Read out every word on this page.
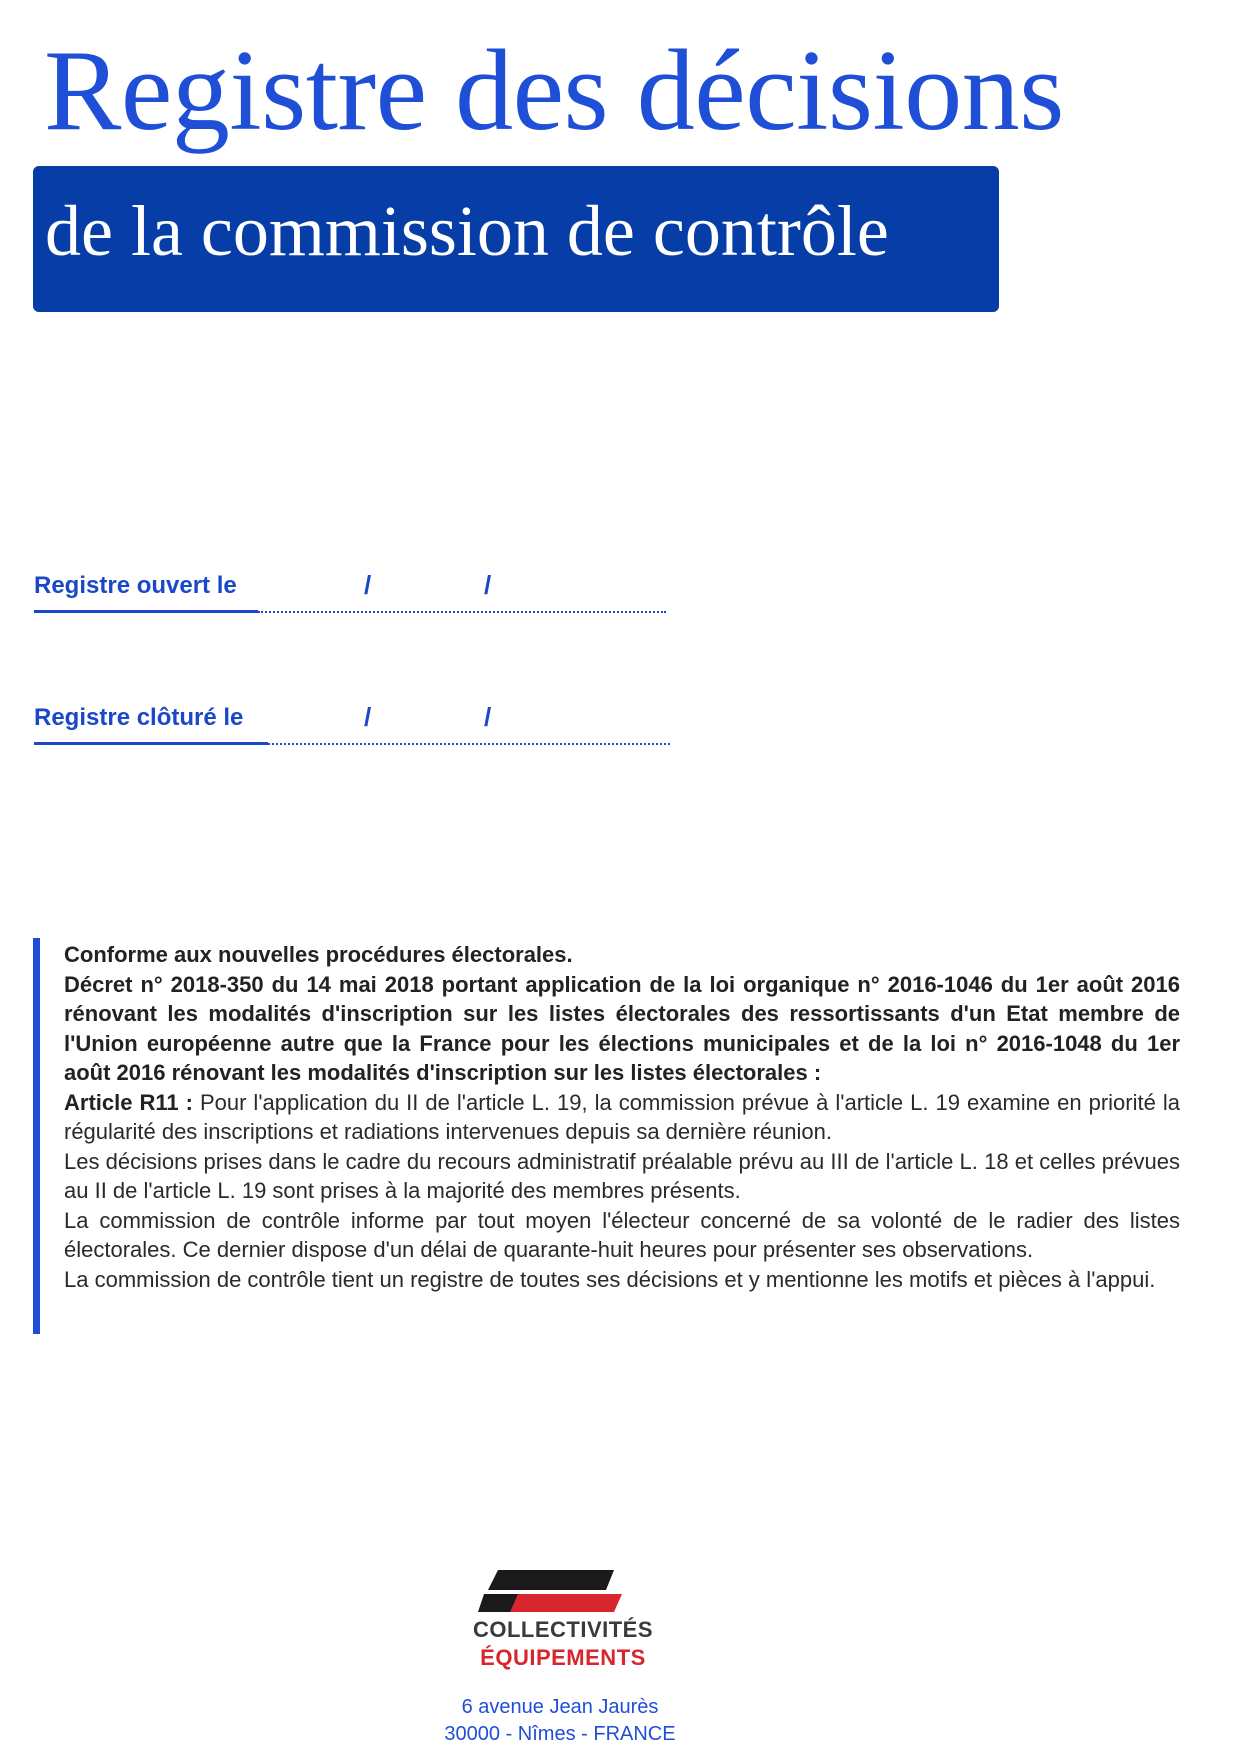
Registre des décisions
de la commission de contrôle
Registre ouvert le	/	/
Registre clôturé le	/	/

Conforme aux nouvelles procédures électorales.

Décret n° 2018-350 du 14 mai 2018 portant application de la loi organique n° 2016-1046 du 1er août 2016 rénovant les modalités d'inscription sur les listes électorales des ressortissants d'un Etat membre de l'Union européenne autre que la France pour les élections municipales et de la loi n° 2016-1048 du 1er août 2016 rénovant les modalités d'inscription sur les listes électorales :

Article R11 : Pour l'application du II de l'article L. 19, la commission prévue à l'article L. 19 examine en priorité la régularité des inscriptions et radiations intervenues depuis sa dernière réunion.

Les décisions prises dans le cadre du recours administratif préalable prévu au III de l'article L. 18 et celles prévues au II de l'article L. 19 sont prises à la majorité des membres présents.

La commission de contrôle informe par tout moyen l'électeur concerné de sa volonté de le radier des listes électorales. Ce dernier dispose d'un délai de quarante-huit heures pour présenter ses observations.

La commission de contrôle tient un registre de toutes ses décisions et y mentionne les motifs et pièces à l'appui.

COLLECTIVITÉS
ÉQUIPEMENTS
6 avenue Jean Jaurès
30000 - Nîmes - FRANCE
